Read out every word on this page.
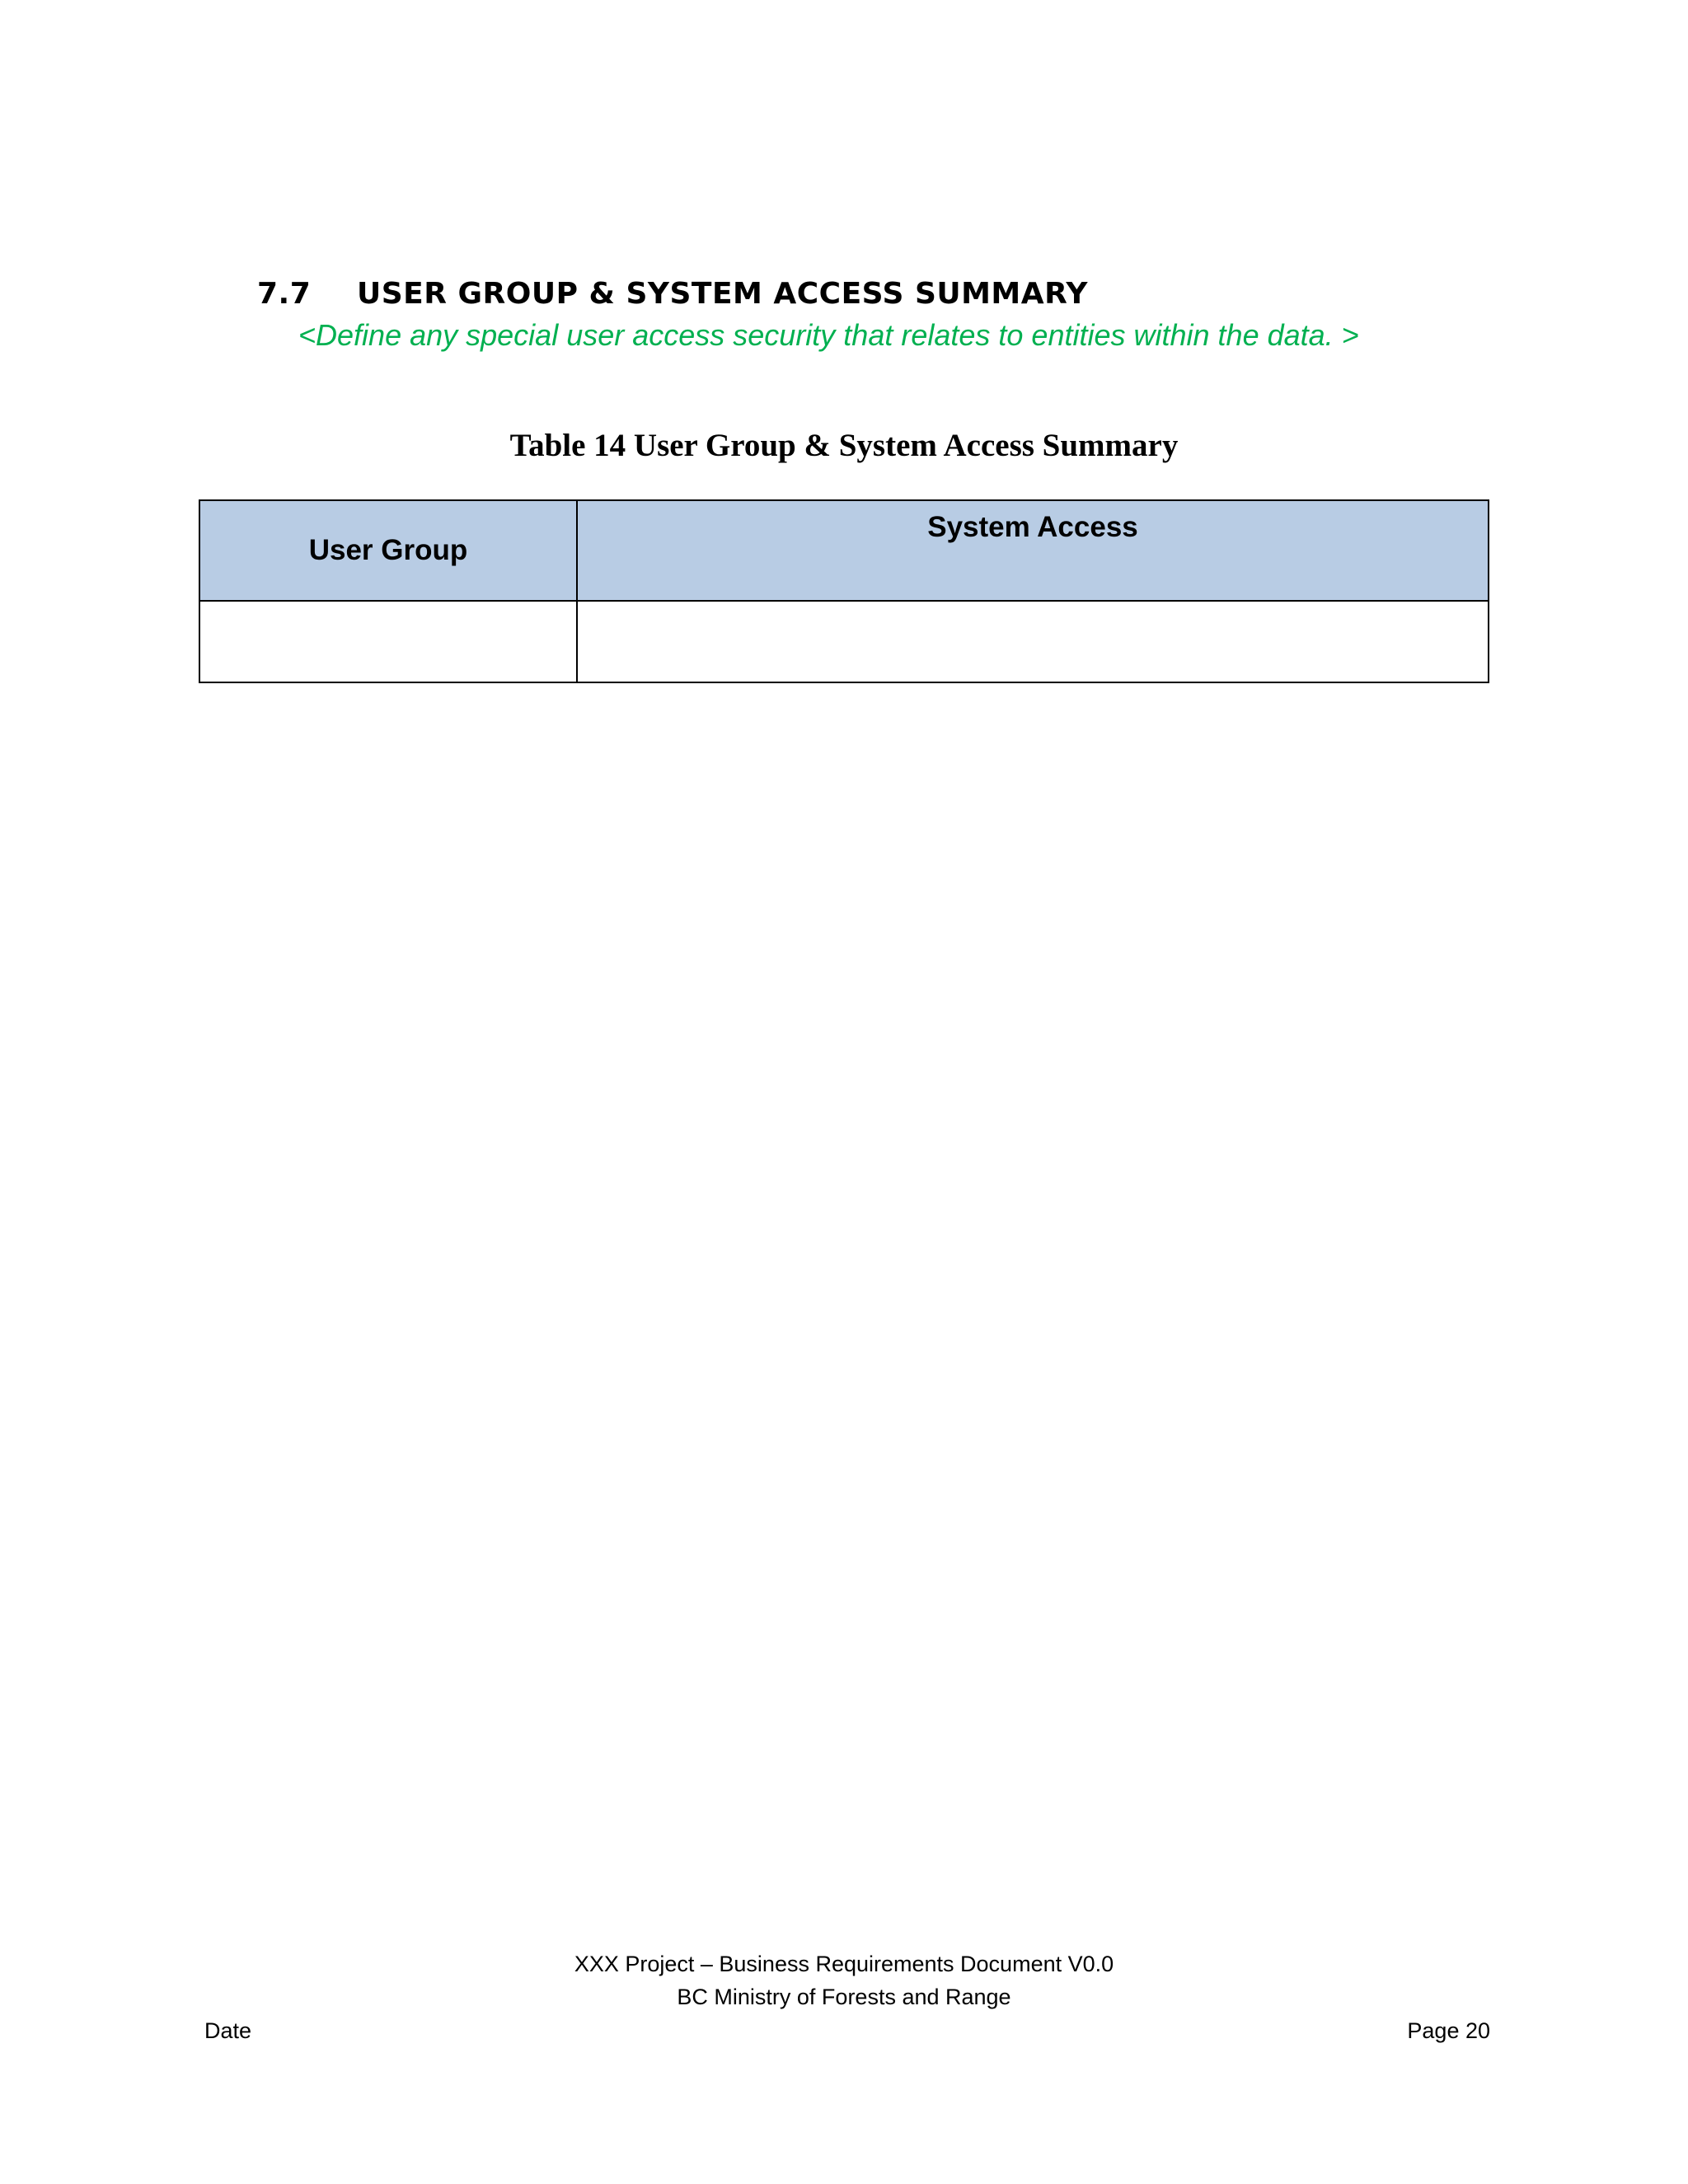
7.7 USER GROUP & SYSTEM ACCESS SUMMARY
<Define any special user access security that relates to entities within the data. >
Table 14 User Group & System Access Summary
User Group	System Access

XXX Project – Business Requirements Document V0.0
BC Ministry of Forests and Range
Date	Page 20
